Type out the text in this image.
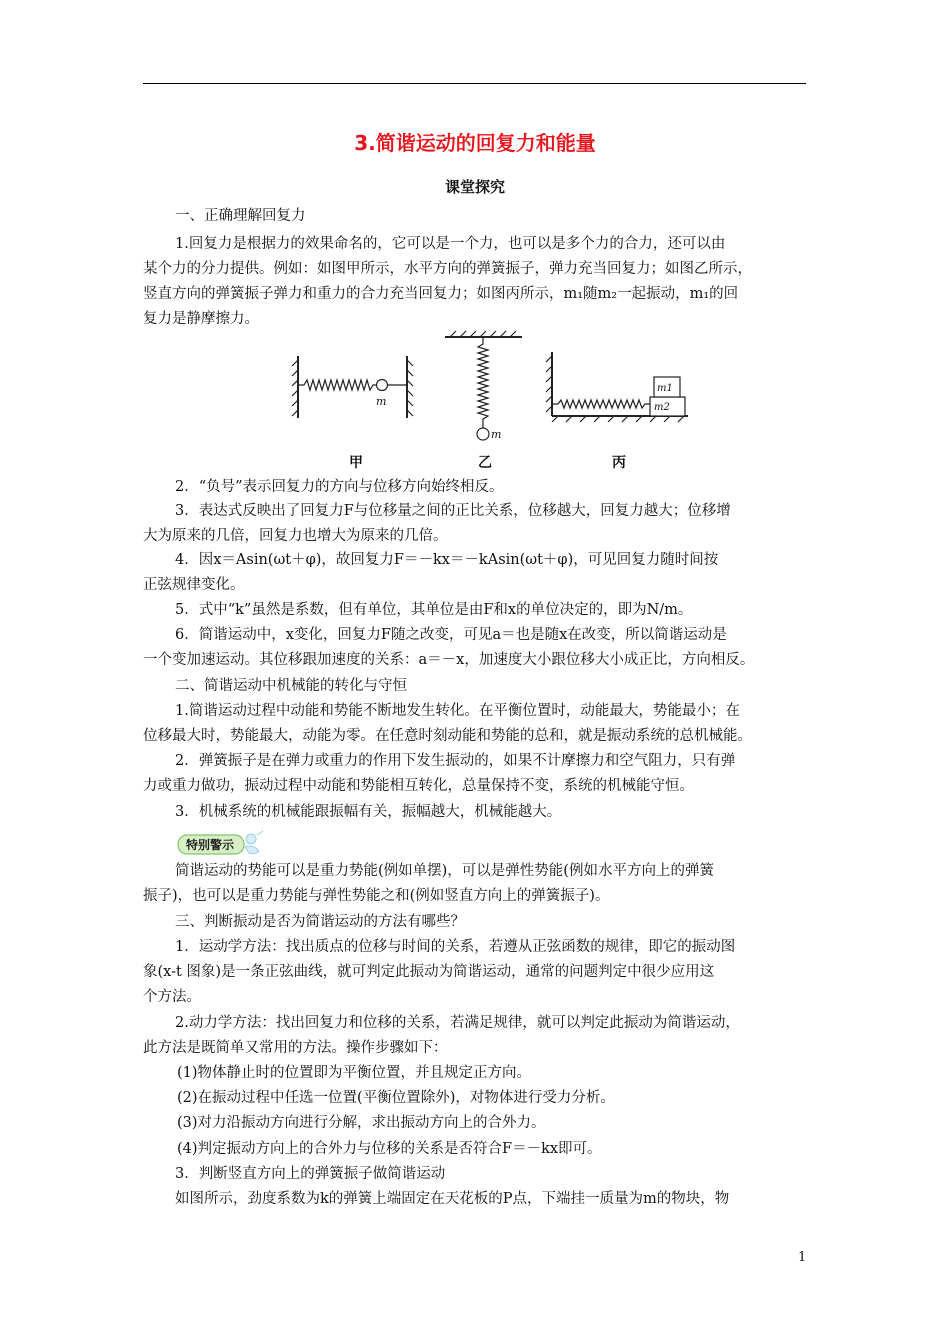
3.简谐运动的回复力和能量
课堂探究
一、正确理解回复力
1.回复力是根据力的效果命名的，它可以是一个力，也可以是多个力的合力，还可以由
某个力的分力提供。例如：如图甲所示，水平方向的弹簧振子，弹力充当回复力；如图乙所示，
竖直方向的弹簧振子弹力和重力的合力充当回复力；如图丙所示，m₁随m₂一起振动，m₁的回
复力是静摩擦力。
m
m
m1
m2
甲	乙	丙
2．“负号”表示回复力的方向与位移方向始终相反。
3．表达式反映出了回复力F与位移量之间的正比关系，位移越大，回复力越大；位移增
大为原来的几倍，回复力也增大为原来的几倍。
4．因x＝Asin(ωt＋φ)，故回复力F＝－kx＝－kAsin(ωt＋φ)，可见回复力随时间按
正弦规律变化。
5．式中“k”虽然是系数，但有单位，其单位是由F和x的单位决定的，即为N/m。
6．简谐运动中，x变化，回复力F随之改变，可见a＝也是随x在改变，所以简谐运动是
一个变加速运动。其位移跟加速度的关系：a＝－x，加速度大小跟位移大小成正比，方向相反。
二、简谐运动中机械能的转化与守恒
1.简谐运动过程中动能和势能不断地发生转化。在平衡位置时，动能最大，势能最小；在
位移最大时，势能最大，动能为零。在任意时刻动能和势能的总和，就是振动系统的总机械能。
2．弹簧振子是在弹力或重力的作用下发生振动的，如果不计摩擦力和空气阻力，只有弹
力或重力做功，振动过程中动能和势能相互转化，总量保持不变，系统的机械能守恒。
3．机械系统的机械能跟振幅有关，振幅越大，机械能越大。
特别警示
简谐运动的势能可以是重力势能(例如单摆)，可以是弹性势能(例如水平方向上的弹簧
振子)，也可以是重力势能与弹性势能之和(例如竖直方向上的弹簧振子)。
三、判断振动是否为简谐运动的方法有哪些？
1．运动学方法：找出质点的位移与时间的关系，若遵从正弦函数的规律，即它的振动图
象(x-t 图象)是一条正弦曲线，就可判定此振动为简谐运动，通常的问题判定中很少应用这
个方法。
2.动力学方法：找出回复力和位移的关系，若满足规律，就可以判定此振动为简谐运动，
此方法是既简单又常用的方法。操作步骤如下：
(1)物体静止时的位置即为平衡位置，并且规定正方向。
(2)在振动过程中任选一位置(平衡位置除外)，对物体进行受力分析。
(3)对力沿振动方向进行分解，求出振动方向上的合外力。
(4)判定振动方向上的合外力与位移的关系是否符合F＝－kx即可。
3．判断竖直方向上的弹簧振子做简谐运动
如图所示，劲度系数为k的弹簧上端固定在天花板的P点，下端挂一质量为m的物块，物
1
